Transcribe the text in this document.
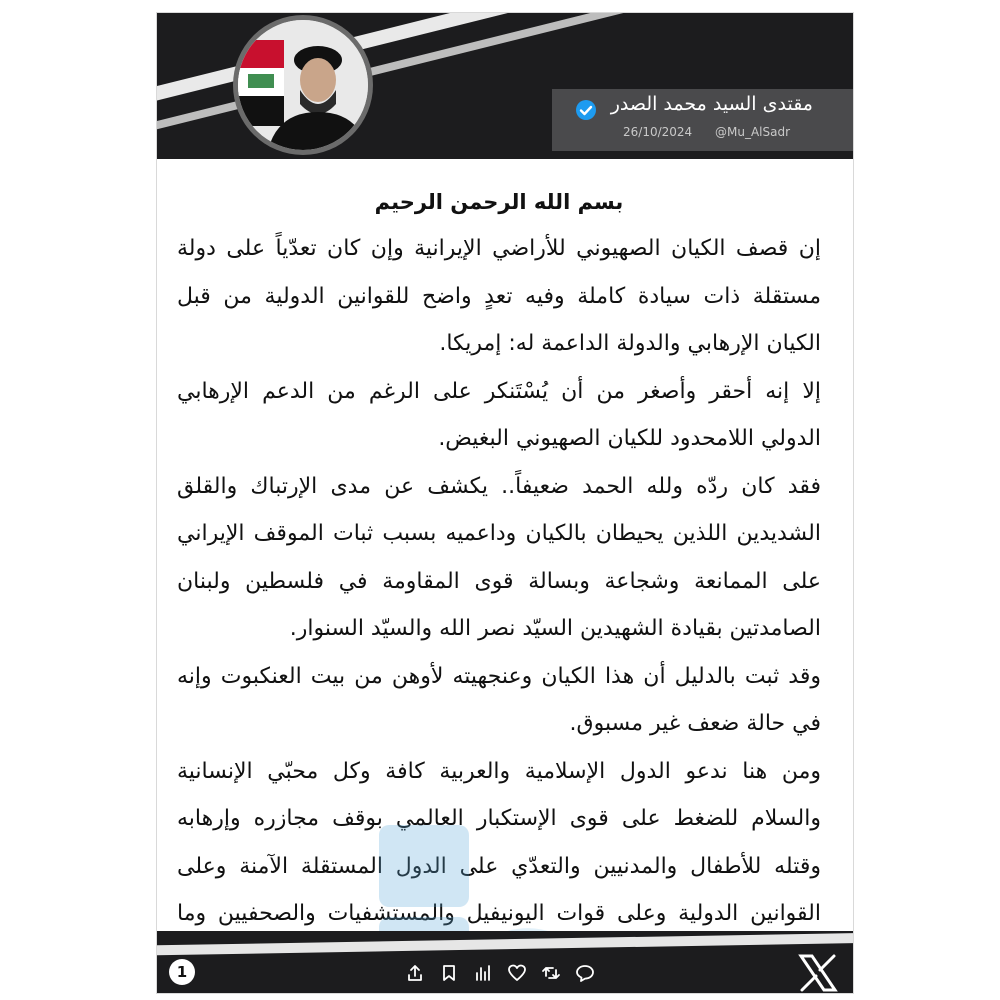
مقتدى السيد محمد الصدر
@Mu_AlSadr
26/10/2024
بسم الله الرحمن الرحيم

إن قصف الكيان الصهيوني للأراضي الإيرانية وإن كان تعدّياً على دولة مستقلة ذات سيادة كاملة وفيه تعدٍ واضح للقوانين الدولية من قبل الكيان الإرهابي والدولة الداعمة له: إمريكا.

إلا إنه أحقر وأصغر من أن يُسْتَنكر على الرغم من الدعم الإرهابي الدولي اللامحدود للكيان الصهيوني البغيض.

فقد كان ردّه ولله الحمد ضعيفاً.. يكشف عن مدى الإرتباك والقلق الشديدين اللذين يحيطان بالكيان وداعميه بسبب ثبات الموقف الإيراني على الممانعة وشجاعة وبسالة قوى المقاومة في فلسطين ولبنان الصامدتين بقيادة الشهيدين السيّد نصر الله والسيّد السنوار.

وقد ثبت بالدليل أن هذا الكيان وعنجهيته لأوهن من بيت العنكبوت وإنه في حالة ضعف غير مسبوق.

ومن هنا ندعو الدول الإسلامية والعربية كافة وكل محبّي الإنسانية والسلام للضغط على قوى الإستكبار العالمي بوقف مجازره وإرهابه وقتله للأطفال والمدنيين والتعدّي على الدول المستقلة الآمنة وعلى القوانين الدولية وعلى قوات اليونيفيل والمستشفيات والصحفيين وما

1
